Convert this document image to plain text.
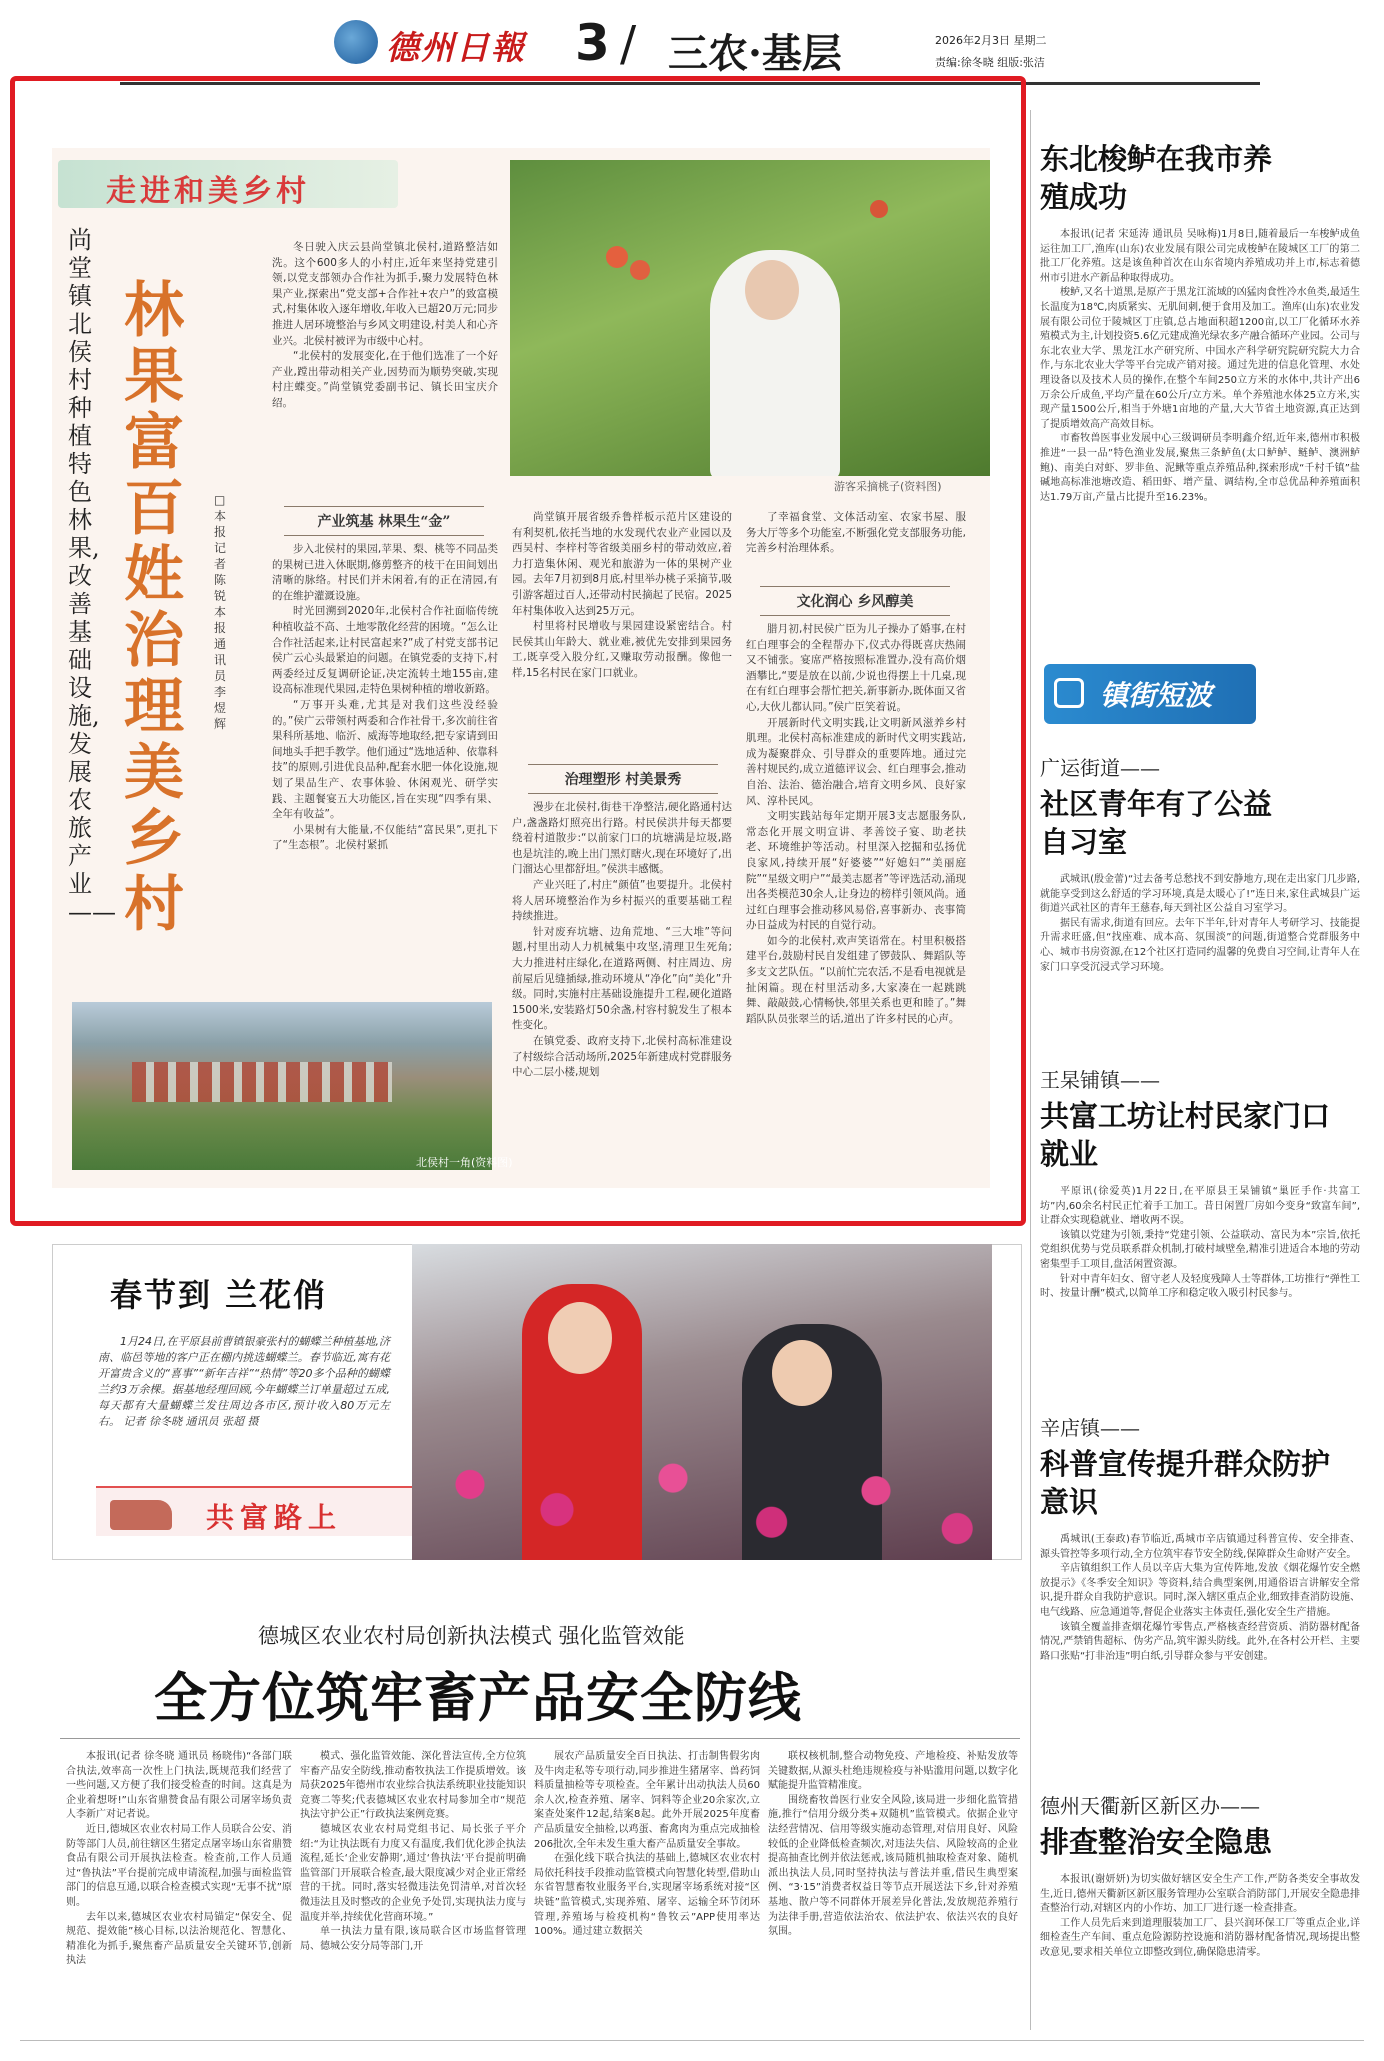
德州日報 3 / 三农·基层	2026年2月3日 星期二
责编:徐冬晓 组版:张洁
走进和美乡村
尚堂镇北侯村种植特色林果,改善基础设施,发展农旅产业——
林果富百姓 治理美乡村
□本报记者 陈锐 本报通讯员 李煜辉
游客采摘桃子(资料图)
北侯村一角(资料图)
冬日驶入庆云县尚堂镇北侯村,道路整洁如洗。这个600多人的小村庄,近年来坚持党建引领,以党支部领办合作社为抓手,聚力发展特色林果产业,探索出“党支部+合作社+农户”的致富模式,村集体收入逐年增收,年收入已超20万元;同步推进人居环境整治与乡风文明建设,村美人和心齐业兴。北侯村被评为市级中心村。
“北侯村的发展变化,在于他们选准了一个好产业,蹚出带动相关产业,因势而为顺势突破,实现村庄蝶变。”尚堂镇党委副书记、镇长田宝庆介绍。
产业筑基 林果生“金”
步入北侯村的果园,苹果、梨、桃等不同品类的果树已进入休眠期,修剪整齐的枝干在田间划出清晰的脉络。村民们并未闲着,有的正在清园,有的在维护灌溉设施。
时光回溯到2020年,北侯村合作社面临传统种植收益不高、土地零散化经营的困境。“怎么让合作社活起来,让村民富起来?”成了村党支部书记侯广云心头最紧迫的问题。在镇党委的支持下,村两委经过反复调研论证,决定流转土地155亩,建设高标准现代果园,走特色果树种植的增收新路。
“万事开头难,尤其是对我们这些没经验的。”侯广云带领村两委和合作社骨干,多次前往省果科所基地、临沂、威海等地取经,把专家请到田间地头手把手教学。他们通过“选地适种、依靠科技”的原则,引进优良品种,配套水肥一体化设施,规划了果品生产、农事体验、休闲观光、研学实践、主题餐宴五大功能区,旨在实现“四季有果、全年有收益”。
小果树有大能量,不仅能结“富民果”,更扎下了“生态根”。北侯村紧抓
尚堂镇开展省级乔鲁样板示范片区建设的有利契机,依托当地的水发现代农业产业园以及西吴村、李梓村等省级美丽乡村的带动效应,着力打造集休闲、观光和旅游为一体的果树产业园。去年7月初到8月底,村里举办桃子采摘节,吸引游客超过百人,还带动村民摘起了民宿。2025年村集体收入达到25万元。
村里将村民增收与果园建设紧密结合。村民侯其山年龄大、就业难,被优先安排到果园务工,既享受入股分红,又赚取劳动报酬。像他一样,15名村民在家门口就业。
治理塑形 村美景秀
漫步在北侯村,街巷干净整洁,硬化路通村达户,盏盏路灯照亮出行路。村民侯洪井每天都要绕着村道散步:“以前家门口的坑塘满是垃圾,路也是坑洼的,晚上出门黑灯瞎火,现在环境好了,出门溜达心里都舒坦。”侯洪丰感慨。
产业兴旺了,村庄“颜值”也要提升。北侯村将人居环境整治作为乡村振兴的重要基础工程持续推进。
针对废弃坑塘、边角荒地、“三大堆”等问题,村里出动人力机械集中攻坚,清理卫生死角;大力推进村庄绿化,在道路两侧、村庄周边、房前屋后见缝插绿,推动环境从“净化”向“美化”升级。同时,实施村庄基础设施提升工程,硬化道路1500米,安装路灯50余盏,村容村貌发生了根本性变化。
在镇党委、政府支持下,北侯村高标准建设了村级综合活动场所,2025年新建成村党群服务中心二层小楼,规划
了幸福食堂、文体活动室、农家书屋、服务大厅等多个功能室,不断强化党支部服务功能,完善乡村治理体系。
文化润心 乡风醇美
腊月初,村民侯广臣为儿子操办了婚事,在村红白理事会的全程帮办下,仪式办得既喜庆热闹又不铺张。宴席严格按照标准置办,没有高价烟酒攀比,“要是放在以前,少说也得摆上十几桌,现在有红白理事会帮忙把关,新事新办,既体面又省心,大伙儿都认同。”侯广臣笑着说。
开展新时代文明实践,让文明新风滋养乡村肌理。北侯村高标准建成的新时代文明实践站,成为凝聚群众、引导群众的重要阵地。通过完善村规民约,成立道德评议会、红白理事会,推动自治、法治、德治融合,培育文明乡风、良好家风、淳朴民风。
文明实践站每年定期开展3支志愿服务队,常态化开展文明宣讲、孝善饺子宴、助老扶老、环境维护等活动。村里深入挖掘和弘扬优良家风,持续开展“好婆婆”“好媳妇”“美丽庭院”“星级文明户”“最美志愿者”等评选活动,涌现出各类模范30余人,让身边的榜样引领风尚。通过红白理事会推动移风易俗,喜事新办、丧事简办日益成为村民的自觉行动。
如今的北侯村,欢声笑语常在。村里积极搭建平台,鼓励村民自发组建了锣鼓队、舞蹈队等多支文艺队伍。“以前忙完农活,不是看电视就是扯闲篇。现在村里活动多,大家凑在一起跳跳舞、敲敲鼓,心情畅快,邻里关系也更和睦了。”舞蹈队队员张翠兰的话,道出了许多村民的心声。
东北梭鲈在我市养殖成功
本报讯(记者 宋延涛 通讯员 吴咏梅)1月8日,随着最后一车梭鲈成鱼运往加工厂,渔库(山东)农业发展有限公司完成梭鲈在陵城区工厂的第二批工厂化养殖。这是该鱼种首次在山东省境内养殖成功并上市,标志着德州市引进水产新品种取得成功。
梭鲈,又名十道黑,是原产于黑龙江流域的凶猛肉食性冷水鱼类,最适生长温度为18℃,肉质紧实、无肌间刺,便于食用及加工。渔库(山东)农业发展有限公司位于陵城区丁庄镇,总占地面积超1200亩,以工厂化循环水养殖模式为主,计划投资5.6亿元建成渔光绿农多产融合循环产业园。公司与东北农业大学、黑龙江水产研究所、中国水产科学研究院研究院大力合作,与东北农业大学等平台完成产销对接。通过先进的信息化管理、水处理设备以及技术人员的操作,在整个车间250立方米的水体中,共计产出6万余公斤成鱼,平均产量在60公斤/立方米。单个养殖池水体25立方米,实现产量1500公斤,相当于外塘1亩地的产量,大大节省土地资源,真正达到了提质增效高产高效目标。
市畜牧兽医事业发展中心三级调研员李明鑫介绍,近年来,德州市积极推进“一县一品”特色渔业发展,聚焦三条鲈鱼(太口鲈鲈、鲢鲈、澳洲鲈鲍)、南美白对虾、罗非鱼、泥鳅等重点养殖品种,探索形成“千村千镇”盐碱地高标准池塘改造、稻田虾、增产量、调结构,全市总优品种养殖面积达1.79万亩,产量占比提升至16.23%。
镇街短波
广运街道——
社区青年有了公益自习室
武城讯(殷金蕾)“过去备考总愁找不到安静地方,现在走出家门几步路,就能享受到这么舒适的学习环境,真是太暖心了!”连日来,家住武城县广运街道兴武社区的青年王慈春,每天到社区公益自习室学习。
据民有需求,街道有回应。去年下半年,针对青年人考研学习、技能提升需求旺盛,但“找座难、成本高、氛围淡”的问题,街道整合党群服务中心、城市书房资源,在12个社区打造同约温馨的免费自习空间,让青年人在家门口享受沉浸式学习环境。
王杲铺镇——
共富工坊让村民家门口就业
平原讯(徐爱英)1月22日,在平原县王杲铺镇“巢匠手作·共富工坊”内,60余名村民正忙着手工加工。昔日闲置厂房如今变身“致富车间”,让群众实现稳就业、增收两不误。
该镇以党建为引领,秉持“党建引领、公益联动、富民为本”宗旨,依托党组织优势与党员联系群众机制,打破村域壁垒,精准引进适合本地的劳动密集型手工项目,盘活闲置资源。
针对中青年妇女、留守老人及轻度残障人士等群体,工坊推行“弹性工时、按量计酬”模式,以简单工序和稳定收入吸引村民参与。
辛店镇——
科普宣传提升群众防护意识
禹城讯(王泰政)春节临近,禹城市辛店镇通过科普宣传、安全排查、源头管控等多项行动,全方位筑牢春节安全防线,保障群众生命财产安全。
辛店镇组织工作人员以辛店大集为宣传阵地,发放《烟花爆竹安全燃放提示》《冬季安全知识》等资料,结合典型案例,用通俗语言讲解安全常识,提升群众自我防护意识。同时,深入辖区重点企业,细致排查消防设施、电气线路、应急通道等,督促企业落实主体责任,强化安全生产措施。
该镇全覆盖排查烟花爆竹零售点,严格核查经营资质、消防器材配备情况,严禁销售超标、伪劣产品,筑牢源头防线。此外,在各村公开栏、主要路口张贴“打非治违”明白纸,引导群众参与平安创建。
德州天衢新区新区办——
排查整治安全隐患
本报讯(谢妍妍)为切实做好辖区安全生产工作,严防各类安全事故发生,近日,德州天衢新区新区服务管理办公室联合消防部门,开展安全隐患排查整治行动,对辖区内的小作坊、加工厂进行逐一检查排查。
工作人员先后来到道理服装加工厂、县兴润环保工厂等重点企业,详细检查生产车间、重点危险源防控设施和消防器材配备情况,现场提出整改意见,要求相关单位立即整改到位,确保隐患清零。
春节到 兰花俏
1月24日,在平原县前曹镇银豪张村的蝴蝶兰种植基地,济南、临邑等地的客户正在棚内挑选蝴蝶兰。春节临近,寓有花开富贵含义的“喜事”“新年吉祥”“热情”等20多个品种的蝴蝶兰约3万余棵。据基地经理回顾,今年蝴蝶兰订单量超过五成,每天都有大量蝴蝶兰发往周边各市区,预计收入80万元左右。 记者 徐冬晓 通讯员 张超 摄
共富路上
德城区农业农村局创新执法模式 强化监管效能
全方位筑牢畜产品安全防线
本报讯(记者 徐冬晓 通讯员 杨晓伟)“各部门联合执法,效率高一次性上门执法,既规范我们经营了一些问题,又方便了我们接受检查的时间。这真是为企业着想呀!”山东省鼎赞食品有限公司屠宰场负责人李新广对记者说。
近日,德城区农业农村局工作人员联合公安、消防等部门人员,前往辖区生猪定点屠宰场山东省鼎赞食品有限公司开展执法检查。检查前,工作人员通过“鲁执法”平台提前完成申请流程,加强与面检监管部门的信息互通,以联合检查模式实现“无事不扰”原则。
去年以来,德城区农业农村局锚定“保安全、促规范、提效能”核心目标,以法治规范化、智慧化、精准化为抓手,聚焦畜产品质量安全关键环节,创新执法
模式、强化监管效能、深化普法宣传,全方位筑牢畜产品安全防线,推动畜牧执法工作提质增效。该局获2025年德州市农业综合执法系统职业技能知识竞赛二等奖;代表德城区农业农村局参加全市“规范执法守护公正”行政执法案例竞赛。
德城区农业农村局党组书记、局长张子平介绍:“为让执法既有力度又有温度,我们优化涉企执法流程,延长‘企业安静期’,通过‘鲁执法’平台提前明确监管部门开展联合检查,最大限度减少对企业正常经营的干扰。同时,落实轻微违法免罚清单,对首次轻微违法且及时整改的企业免予处罚,实现执法力度与温度并举,持续优化营商环境。”
单一执法力量有限,该局联合区市场监督管理局、德城公安分局等部门,开
展农产品质量安全百日执法、打击制售假劣肉及牛肉走私等专项行动,同步推进生猪屠宰、兽药饲料质量抽检等专项检查。全年累计出动执法人员60余人次,检查养殖、屠宰、饲料等企业20余家次,立案查处案件12起,结案8起。此外开展2025年度畜产品质量安全抽检,以鸡蛋、畜禽肉为重点完成抽检206批次,全年未发生重大畜产品质量安全事故。
在强化线下联合执法的基础上,德城区农业农村局依托科技手段推动监管模式向智慧化转型,借助山东省智慧畜牧业服务平台,实现屠宰场系统对接“区块链”监管模式,实现养殖、屠宰、运输全环节闭环管理,养殖场与检疫机构“鲁牧云”APP使用率达100%。通过建立数据关
联权核机制,整合动物免疫、产地检疫、补贴发放等关键数据,从源头杜绝违规检疫与补贴滥用问题,以数字化赋能提升监管精准度。
围绕畜牧兽医行业安全风险,该局进一步细化监管措施,推行“信用分级分类+双随机”监管模式。依据企业守法经营情况、信用等级实施动态管理,对信用良好、风险较低的企业降低检查频次,对违法失信、风险较高的企业提高抽查比例并依法惩戒,该局随机抽取检查对象、随机派出执法人员,同时坚持执法与普法并重,借民生典型案例、“3·15”消费者权益日等节点开展送法下乡,针对养殖基地、散户等不同群体开展差异化普法,发放规范养殖行为法律手册,营造依法治农、依法护农、依法兴农的良好氛围。
